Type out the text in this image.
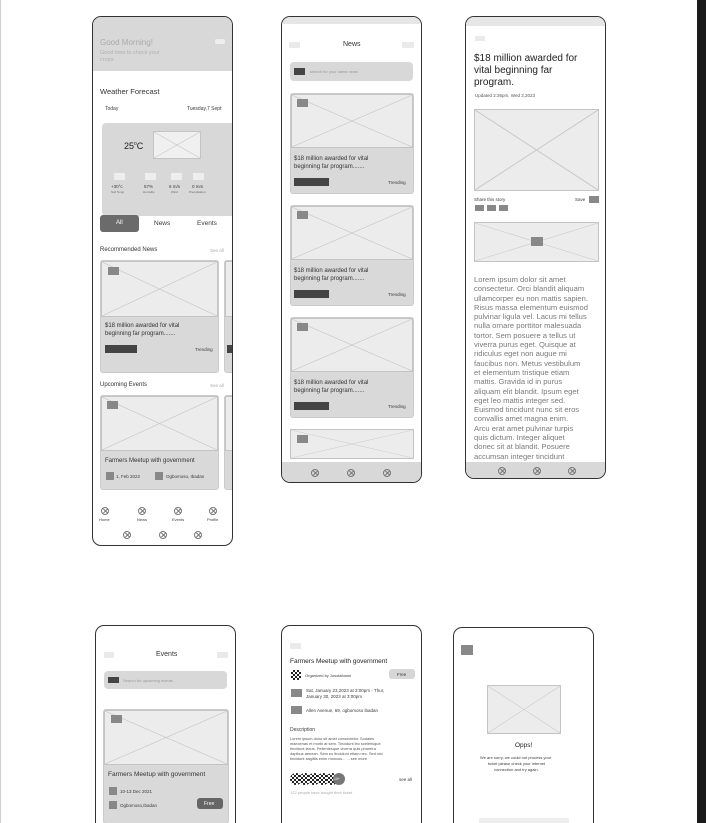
Good Morning!
Good time to check your
crops
Weather Forecast
Today	Tuesday,7 Sept
$25^oC$
+30°c
Soil Temp
57%
Humidity
6 m/s
Wind
0 mm
Precipitation
All	News	Events
Recommended News	See all
$18 million awarded for vital
beginning far program.......
Trending
Upcoming Events	See all
Farmers Meetup with government
1, Feb 2022	Ogbomoso, Ibadan
Home	News	Events	Profile
News
search for your latest news
$18 million awarded for vital
beginning far program.......
Trending
$18 million awarded for vital
beginning far program.......
Trending
$18 million awarded for vital
beginning far program.......
Trending
$18 million awarded for
vital beginning far
program.
Updated 2:36pm, Wed 2,2023
Share this story	Save
Lorem ipsum dolor sit amet
consectetur. Orci blandit aliquam
ullamcorper eu non mattis sapien.
Risus massa elementum euismod
pulvinar ligula vel. Lacus mi tellus
nulla ornare porttitor malesuada
tortor. Sem posuere a tellus ut
viverra purus eget. Quisque at
ridiculus eget non augue mi
faucibus non. Metus vestibulum
et elementum tristique etiam
mattis. Gravida id in purus
aliquam elit blandit. Ipsum eget
eget leo mattis integer sed.
Euismod tincidunt nunc sit eros
convallis amet magna enim.
Arcu erat amet pulvinar turpis
quis dictum. Integer aliquet
donec sit at blandit. Posuere
accumsan integer tincidunt
Events
Search for upcoming events
Farmers Meetup with government
10-13 Dec 2021
Ogbomoso,Ibadan	Free
Farmers Meetup with government
Organized by Josolafunmi	Free
Sat, January 23,2023 at 3:00pm - Thur,
January 30, 2023 at 3:00pm
Allen Avenue, 69, ogbomoso ibadan
Description
Lorem ipsum dolor sit amet consectetur. Sodales
maecenas et morbi at sem. Tincidunt leo scelerisque
tincidunt lacus. Pellentesque viverra quis pharetra
dapibus aenean. Sem eu tincidunt etiam nec. Sed nisl
tincidunt sagittis enim rhoncus... ... see more
10+	see all
122 people have bought their ticket
Opps!
We are sorry, we could not process your
ticket please check your internet
connection and try again.
